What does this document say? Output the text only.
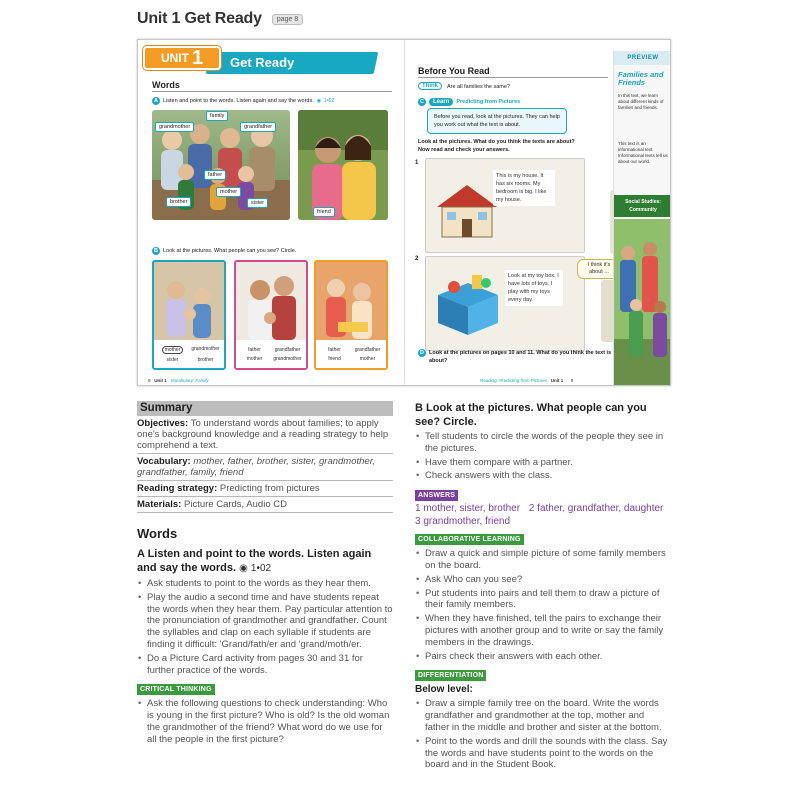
Unit 1 Get Ready	page 8
Get Ready
UNIT 1
Words
A Listen and point to the words. Listen again and say the words. ◉ 1•02
family
grandmother	grandfather
father
mother
brother	sister
friend
B Look at the pictures. What people can you see? Circle.
mother	grandmother
sister	brother
father	grandfather
mother grandmother
father	grandfather
friend	mother
8 Unit 1 Vocabulary: Family
Before You Read
Think	Are all families the same?
C	Learn	Predicting from Pictures
Before you read, look at the pictures. They can help you work out what the text is about.
Look at the pictures. What do you think the texts are about? Now read and check your answers.
1
This is my house. It has six rooms. My bedroom is big. I like my house.
2
Look at my toy box. I have lots of toys. I play with my toys every day.
I think it's about ...
D Look at the pictures on pages 10 and 11. What do you think the text is about?
Reading: Predicting from Pictures Unit 1 9
PREVIEW
Families and Friends
In this text, we learn about different kinds of families and friends.
This text is an informational text. Informational texts tell us about our world.
Social Studies: Community
Summary
Objectives: To understand words about families; to apply one's background knowledge and a reading strategy to help comprehend a text.
Vocabulary: mother, father, brother, sister, grandmother, grandfather, family, friend
Reading strategy: Predicting from pictures
Materials: Picture Cards, Audio CD
Words
A Listen and point to the words. Listen again and say the words. ◉ 1•02
• Ask students to point to the words as they hear them.
• Play the audio a second time and have students repeat the words when they hear them. Pay particular attention to the pronunciation of grandmother and grandfather. Count the syllables and clap on each syllable if students are finding it difficult: 'Grand/fath/er and 'grand/moth/er.
• Do a Picture Card activity from pages 30 and 31 for further practice of the words.
CRITICAL THINKING
• Ask the following questions to check understanding: Who is young in the first picture? Who is old? Is the old woman the grandmother of the friend? What word do we use for all the people in the first picture?
B Look at the pictures. What people can you see? Circle.
• Tell students to circle the words of the people they see in the pictures.
• Have them compare with a partner.
• Check answers with the class.
ANSWERS
1 mother, sister, brother 2 father, grandfather, daughter 3 grandmother, friend
COLLABORATIVE LEARNING
• Draw a quick and simple picture of some family members on the board.
• Ask Who can you see?
• Put students into pairs and tell them to draw a picture of their family members.
• When they have finished, tell the pairs to exchange their pictures with another group and to write or say the family members in the drawings.
• Pairs check their answers with each other.
DIFFERENTIATION
Below level:
• Draw a simple family tree on the board. Write the words grandfather and grandmother at the top, mother and father in the middle and brother and sister at the bottom.
• Point to the words and drill the sounds with the class. Say the words and have students point to the words on the board and in the Student Book.
